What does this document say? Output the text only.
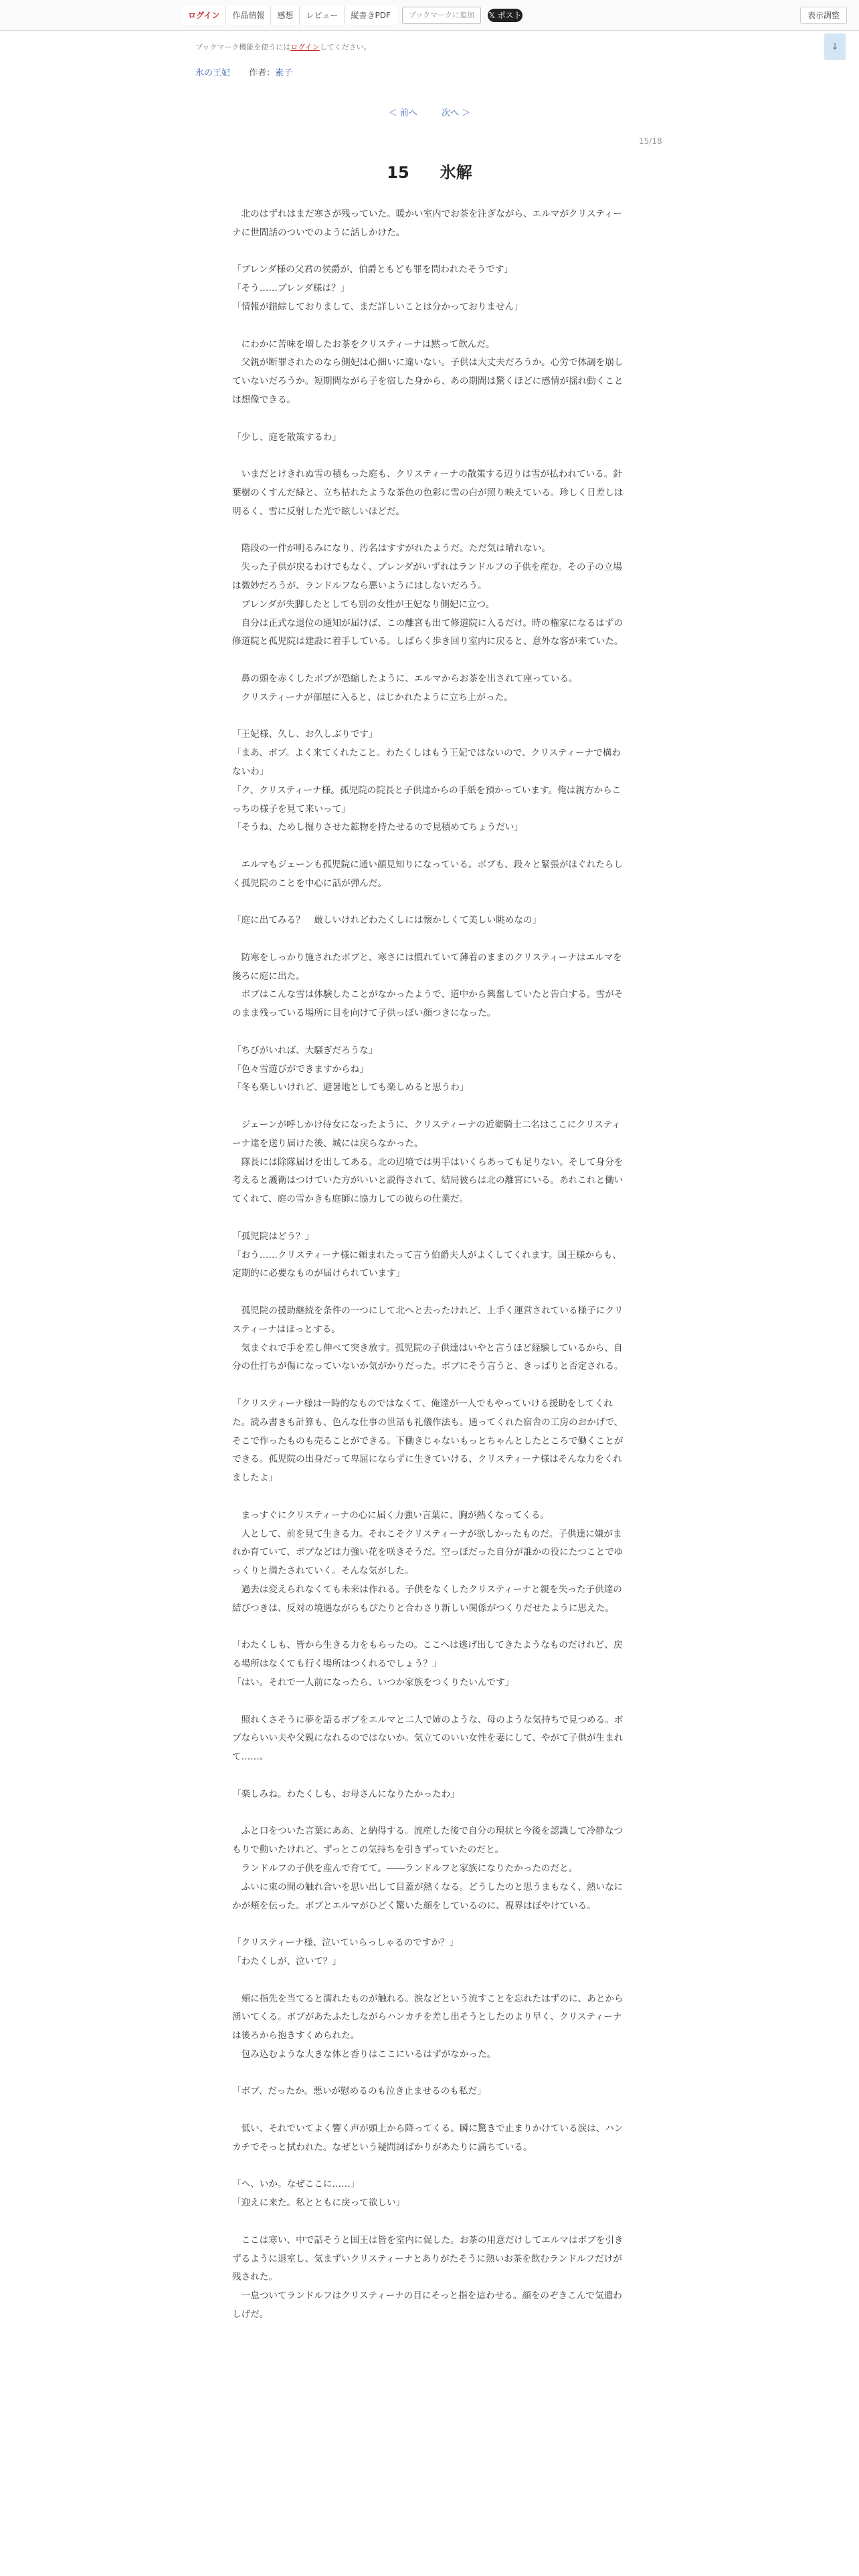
ログイン	作品情報	感想	レビュー	縦書きPDF	ブックマークに追加	𝕏 ポスト	表示調整
↓
ブックマーク機能を使うにはログインしてください。
氷の王妃 作者： 素子
＜ 前へ	次へ ＞
15/18
15 氷解

　北のはずれはまだ寒さが残っていた。暖かい室内でお茶を注ぎながら、エルマがクリスティーナに世間話のついでのように話しかけた。

「ブレンダ様の父君の侯爵が、伯爵ともども罪を問われたそうです」

「そう……ブレンダ様は？」

「情報が錯綜しておりまして、まだ詳しいことは分かっておりません」

　にわかに苦味を増したお茶をクリスティーナは黙って飲んだ。

　父親が断罪されたのなら側妃は心細いに違いない。子供は大丈夫だろうか。心労で体調を崩していないだろうか。短期間ながら子を宿した身から、あの期間は驚くほどに感情が揺れ動くことは想像できる。

「少し、庭を散策するわ」

　いまだとけきれぬ雪の積もった庭も、クリスティーナの散策する辺りは雪が払われている。針葉樹のくすんだ緑と、立ち枯れたような茶色の色彩に雪の白が照り映えている。珍しく日差しは明るく、雪に反射した光で眩しいほどだ。

　階段の一件が明るみになり、汚名はすすがれたようだ。ただ気は晴れない。

　失った子供が戻るわけでもなく、ブレンダがいずれはランドルフの子供を産む。その子の立場は微妙だろうが、ランドルフなら悪いようにはしないだろう。

　ブレンダが失脚したとしても別の女性が王妃なり側妃に立つ。

　自分は正式な退位の通知が届けば、この離宮も出て修道院に入るだけ。時の権家になるはずの修道院と孤児院は建設に着手している。しばらく歩き回り室内に戻ると、意外な客が来ていた。

　鼻の頭を赤くしたボブが恐縮したように、エルマからお茶を出されて座っている。

　クリスティーナが部屋に入ると、はじかれたように立ち上がった。

「王妃様、久し、お久しぶりです」

「まあ、ボブ。よく来てくれたこと。わたくしはもう王妃ではないので、クリスティーナで構わないわ」

「ク、クリスティーナ様。孤児院の院長と子供達からの手紙を預かっています。俺は親方からこっちの様子を見て来いって」

「そうね、ためし掘りさせた鉱物を持たせるので見積めてちょうだい」

　エルマもジェーンも孤児院に通い顔見知りになっている。ボブも、段々と緊張がほぐれたらしく孤児院のことを中心に話が弾んだ。

「庭に出てみる？　厳しいけれどわたくしには懐かしくて美しい眺めなの」

　防寒をしっかり施されたボブと、寒さには慣れていて薄着のままのクリスティーナはエルマを後ろに庭に出た。

　ボブはこんな雪は体験したことがなかったようで、道中から興奮していたと告白する。雪がそのまま残っている場所に目を向けて子供っぽい顔つきになった。

「ちびがいれば、大騒ぎだろうな」

「色々雪遊びができますからね」

「冬も楽しいけれど、避暑地としても楽しめると思うわ」

　ジェーンが呼しかけ侍女になったように、クリスティーナの近衛騎士二名はここにクリスティーナ達を送り届けた後、城には戻らなかった。

　隊長には除隊届けを出してある。北の辺境では男手はいくらあっても足りない。そして身分を考えると護衛はつけていた方がいいと説得されて、結局彼らは北の離宮にいる。あれこれと働いてくれて、庭の雪かきも庭師に協力しての彼らの仕業だ。

「孤児院はどう？」

「おう……クリスティーナ様に頼まれたって言う伯爵夫人がよくしてくれます。国王様からも、定期的に必要なものが届けられています」

　孤児院の援助継続を条件の一つにして北へと去ったけれど、上手く運営されている様子にクリスティーナはほっとする。

　気まぐれで手を差し伸べて突き放す。孤児院の子供達はいやと言うほど経験しているから、自分の仕打ちが傷になっていないか気がかりだった。ボブにそう言うと、きっぱりと否定される。

「クリスティーナ様は一時的なものではなくて、俺達が一人でもやっていける援助をしてくれた。読み書きも計算も、色んな仕事の世話も礼儀作法も。通ってくれた宿舎の工房のおかげで、そこで作ったものも売ることができる。下働きじゃないもっとちゃんとしたところで働くことができる。孤児院の出身だって卑屈にならずに生きていける、クリスティーナ様はそんな力をくれましたよ」

　まっすぐにクリスティーナの心に届く力強い言葉に、胸が熱くなってくる。

　人として、前を見て生きる力。それこそクリスティーナが欲しかったものだ。子供達に嫌がまれか育ていて、ボブなどは力強い花を咲きそうだ。空っぽだった自分が誰かの役にたつことでゆっくりと満たされていく。そんな気がした。

　過去は変えられなくても未来は作れる。子供をなくしたクリスティーナと親を失った子供達の結びつきは、反対の境遇ながらもぴたりと合わさり新しい関係がつくりだせたように思えた。

「わたくしも、皆から生きる力をもらったの。ここへは逃げ出してきたようなものだけれど、戻る場所はなくても行く場所はつくれるでしょう？」

「はい。それで一人前になったら、いつか家族をつくりたいんです」

　照れくさそうに夢を語るボブをエルマと二人で姉のような、母のような気持ちで見つめる。ボブならいい夫や父親になれるのではないか。気立てのいい女性を妻にして、やがて子供が生まれて……。

「楽しみね。わたくしも、お母さんになりたかったわ」

　ふと口をついた言葉にああ、と納得する。流産した後で自分の現状と今後を認識して冷静なつもりで動いたけれど、ずっとこの気持ちを引きずっていたのだと。

　ランドルフの子供を産んで育てて。――ランドルフと家族になりたかったのだと。

　ふいに束の間の触れ合いを思い出して目蓋が熱くなる。どうしたのと思うまもなく、熱いなにかが頬を伝った。ボブとエルマがひどく驚いた顔をしているのに、視界はぼやけている。

「クリスティーナ様、泣いていらっしゃるのですか？」

「わたくしが、泣いて？」

　頬に指先を当てると濡れたものが触れる。涙などという流すことを忘れたはずのに、あとから湧いてくる。ボブがあたふたしながらハンカチを差し出そうとしたのより早く、クリスティーナは後ろから抱きすくめられた。

　包み込むような大きな体と香りはここにいるはずがなかった。

「ボブ、だったか。悪いが慰めるのも泣き止ませるのも私だ」

　低い、それでいてよく響く声が頭上から降ってくる。瞬に驚きで止まりかけている涙は、ハンカチでそっと拭われた。なぜという疑問詞ばかりがあたりに満ちている。

「へ、いか。なぜここに……」

「迎えに来た。私とともに戻って欲しい」

　ここは寒い、中で話そうと国王は皆を室内に促した。お茶の用意だけしてエルマはボブを引きずるように退室し、気まずいクリスティーナとありがたそうに熱いお茶を飲むランドルフだけが残された。

　一息ついてランドルフはクリスティーナの目にそっと指を這わせる。顔をのぞきこんで気遣わしげだ。
